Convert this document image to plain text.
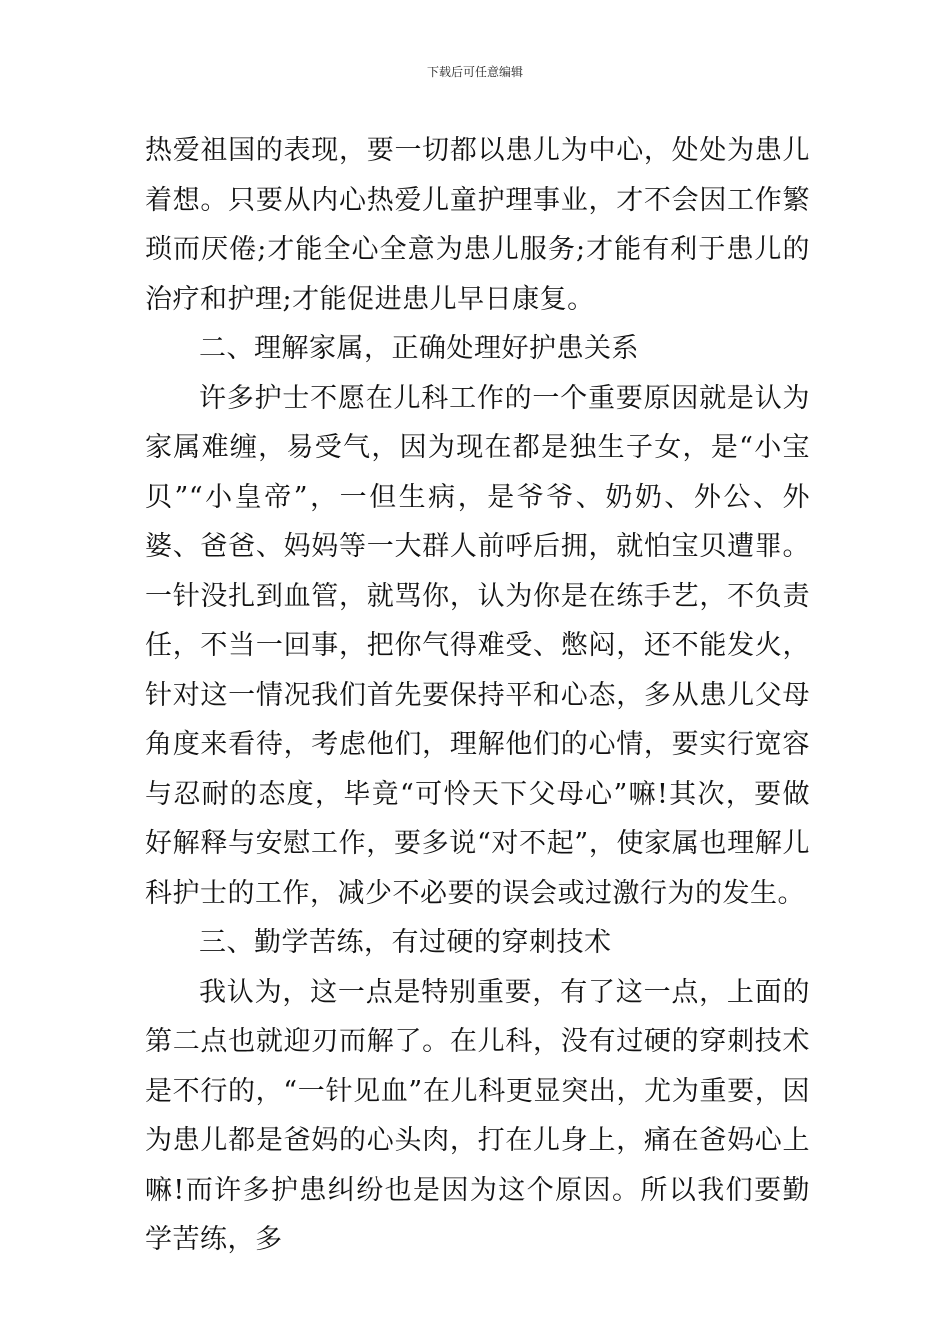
下载后可任意编辑

热爱祖国的表现，要一切都以患儿为中心，处处为患儿着想。只要从内心热爱儿童护理事业，才不会因工作繁琐而厌倦;才能全心全意为患儿服务;才能有利于患儿的治疗和护理;才能促进患儿早日康复。

二、理解家属，正确处理好护患关系

许多护士不愿在儿科工作的一个重要原因就是认为家属难缠，易受气，因为现在都是独生子女，是“小宝贝”“小皇帝”，一但生病，是爷爷、奶奶、外公、外婆、爸爸、妈妈等一大群人前呼后拥，就怕宝贝遭罪。一针没扎到血管，就骂你，认为你是在练手艺，不负责任，不当一回事，把你气得难受、憋闷，还不能发火，针对这一情况我们首先要保持平和心态，多从患儿父母角度来看待，考虑他们，理解他们的心情，要实行宽容与忍耐的态度，毕竟“可怜天下父母心”嘛!其次，要做好解释与安慰工作，要多说“对不起”，使家属也理解儿科护士的工作，减少不必要的误会或过激行为的发生。

三、勤学苦练，有过硬的穿刺技术

我认为，这一点是特别重要，有了这一点，上面的第二点也就迎刃而解了。在儿科，没有过硬的穿刺技术是不行的，“一针见血”在儿科更显突出，尤为重要，因为患儿都是爸妈的心头肉，打在儿身上，痛在爸妈心上嘛!而许多护患纠纷也是因为这个原因。所以我们要勤学苦练，多
